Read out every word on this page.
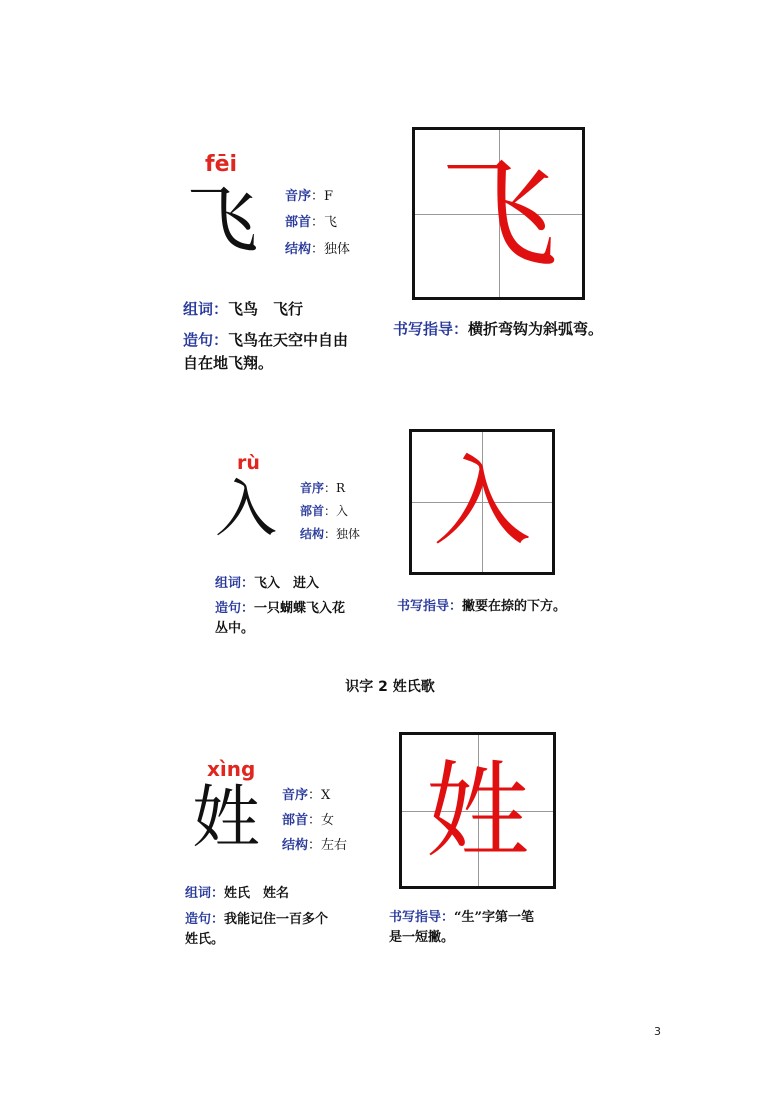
fēi
飞 音序：F
部首：飞
结构：独体 飞
组词：飞鸟　飞行
造句：飞鸟在天空中自由
自在地飞翔。
书写指导：横折弯钩为斜弧弯。
rù
入 音序：R
部首：入
结构：独体 入
组词：飞入　进入
造句：一只蝴蝶飞入花
丛中。
书写指导：撇要在捺的下方。
识字 2 姓氏歌
xìng
姓 音序：X
部首：女
结构：左右 姓
组词：姓氏　姓名
造句：我能记住一百多个
姓氏。
书写指导：“生”字第一笔
是一短撇。
3
